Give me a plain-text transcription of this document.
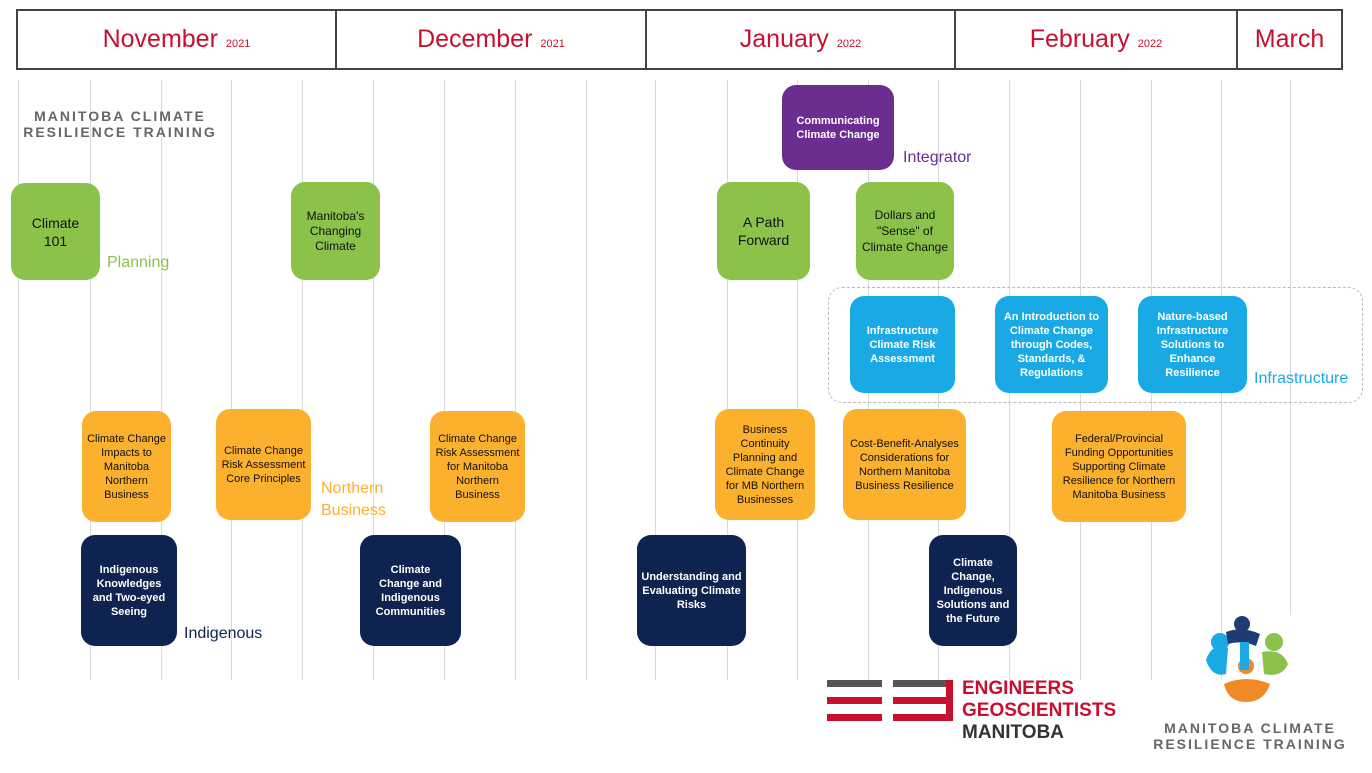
November 2021	December 2021	January 2022	February 2022	March
MANITOBA CLIMATE
RESILIENCE TRAINING
Communicating Climate Change
Integrator
Climate 101
Planning
Manitoba's Changing Climate
A Path Forward
Dollars and "Sense" of Climate Change
Infrastructure Climate Risk Assessment
An Introduction to Climate Change through Codes, Standards, & Regulations
Nature-based Infrastructure Solutions to Enhance Resilience	Infrastructure
Climate Change Impacts to Manitoba Northern Business
Climate Change Risk Assessment Core Principles
Northern
Business
Climate Change Risk Assessment for Manitoba Northern Business
Business Continuity Planning and Climate Change for MB Northern Businesses
Cost-Benefit-Analyses Considerations for Northern Manitoba Business Resilience
Federal/Provincial Funding Opportunities Supporting Climate Resilience for Northern Manitoba Business
Indigenous Knowledges and Two-eyed Seeing
Indigenous
Climate Change and Indigenous Communities
Understanding and Evaluating Climate Risks
Climate Change, Indigenous Solutions and the Future
ENGINEERS
GEOSCIENTISTS
MANITOBA	MANITOBA CLIMATE
RESILIENCE TRAINING
